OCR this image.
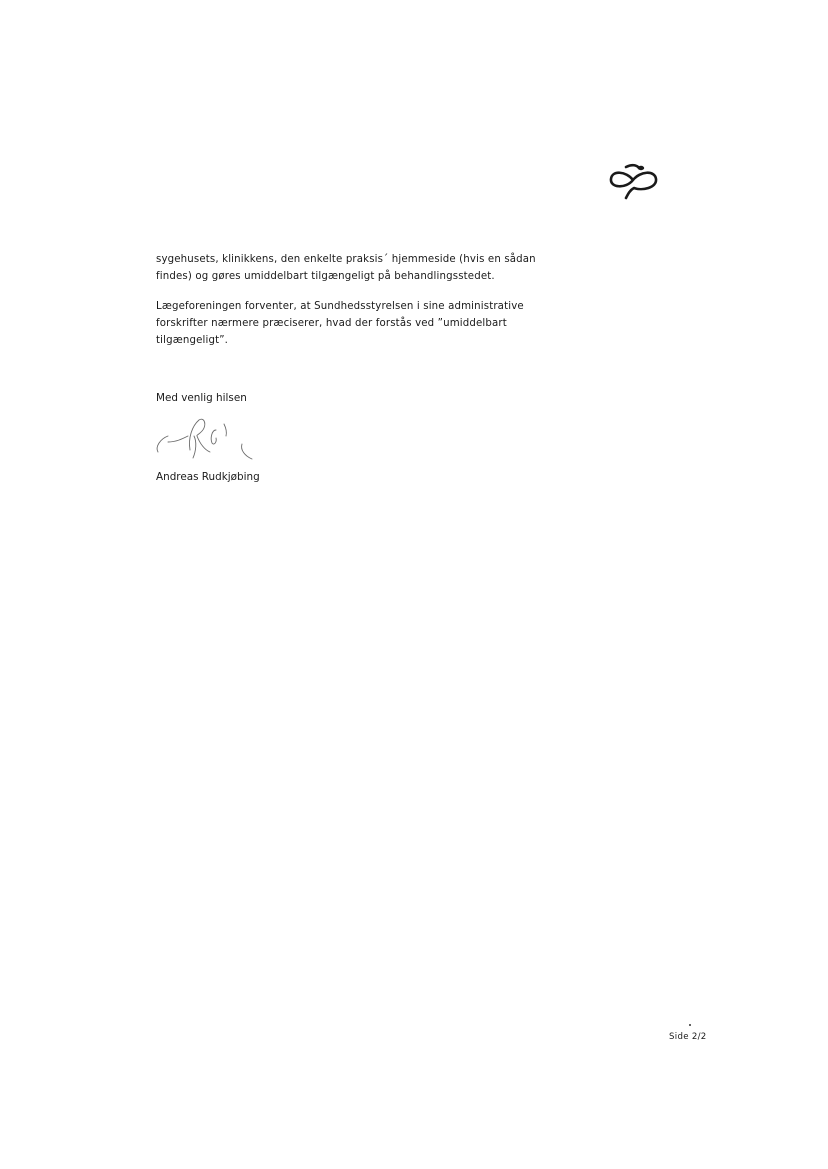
sygehusets, klinikkens, den enkelte praksis´ hjemmeside (hvis en sådan findes) og gøres umiddelbart tilgængeligt på behandlingsstedet.

Lægeforeningen forventer, at Sundhedsstyrelsen i sine administrative forskrifter nærmere præciserer, hvad der forstås ved ”umiddelbart tilgængeligt”.

Med venlig hilsen

Andreas Rudkjøbing

Side 2/2
